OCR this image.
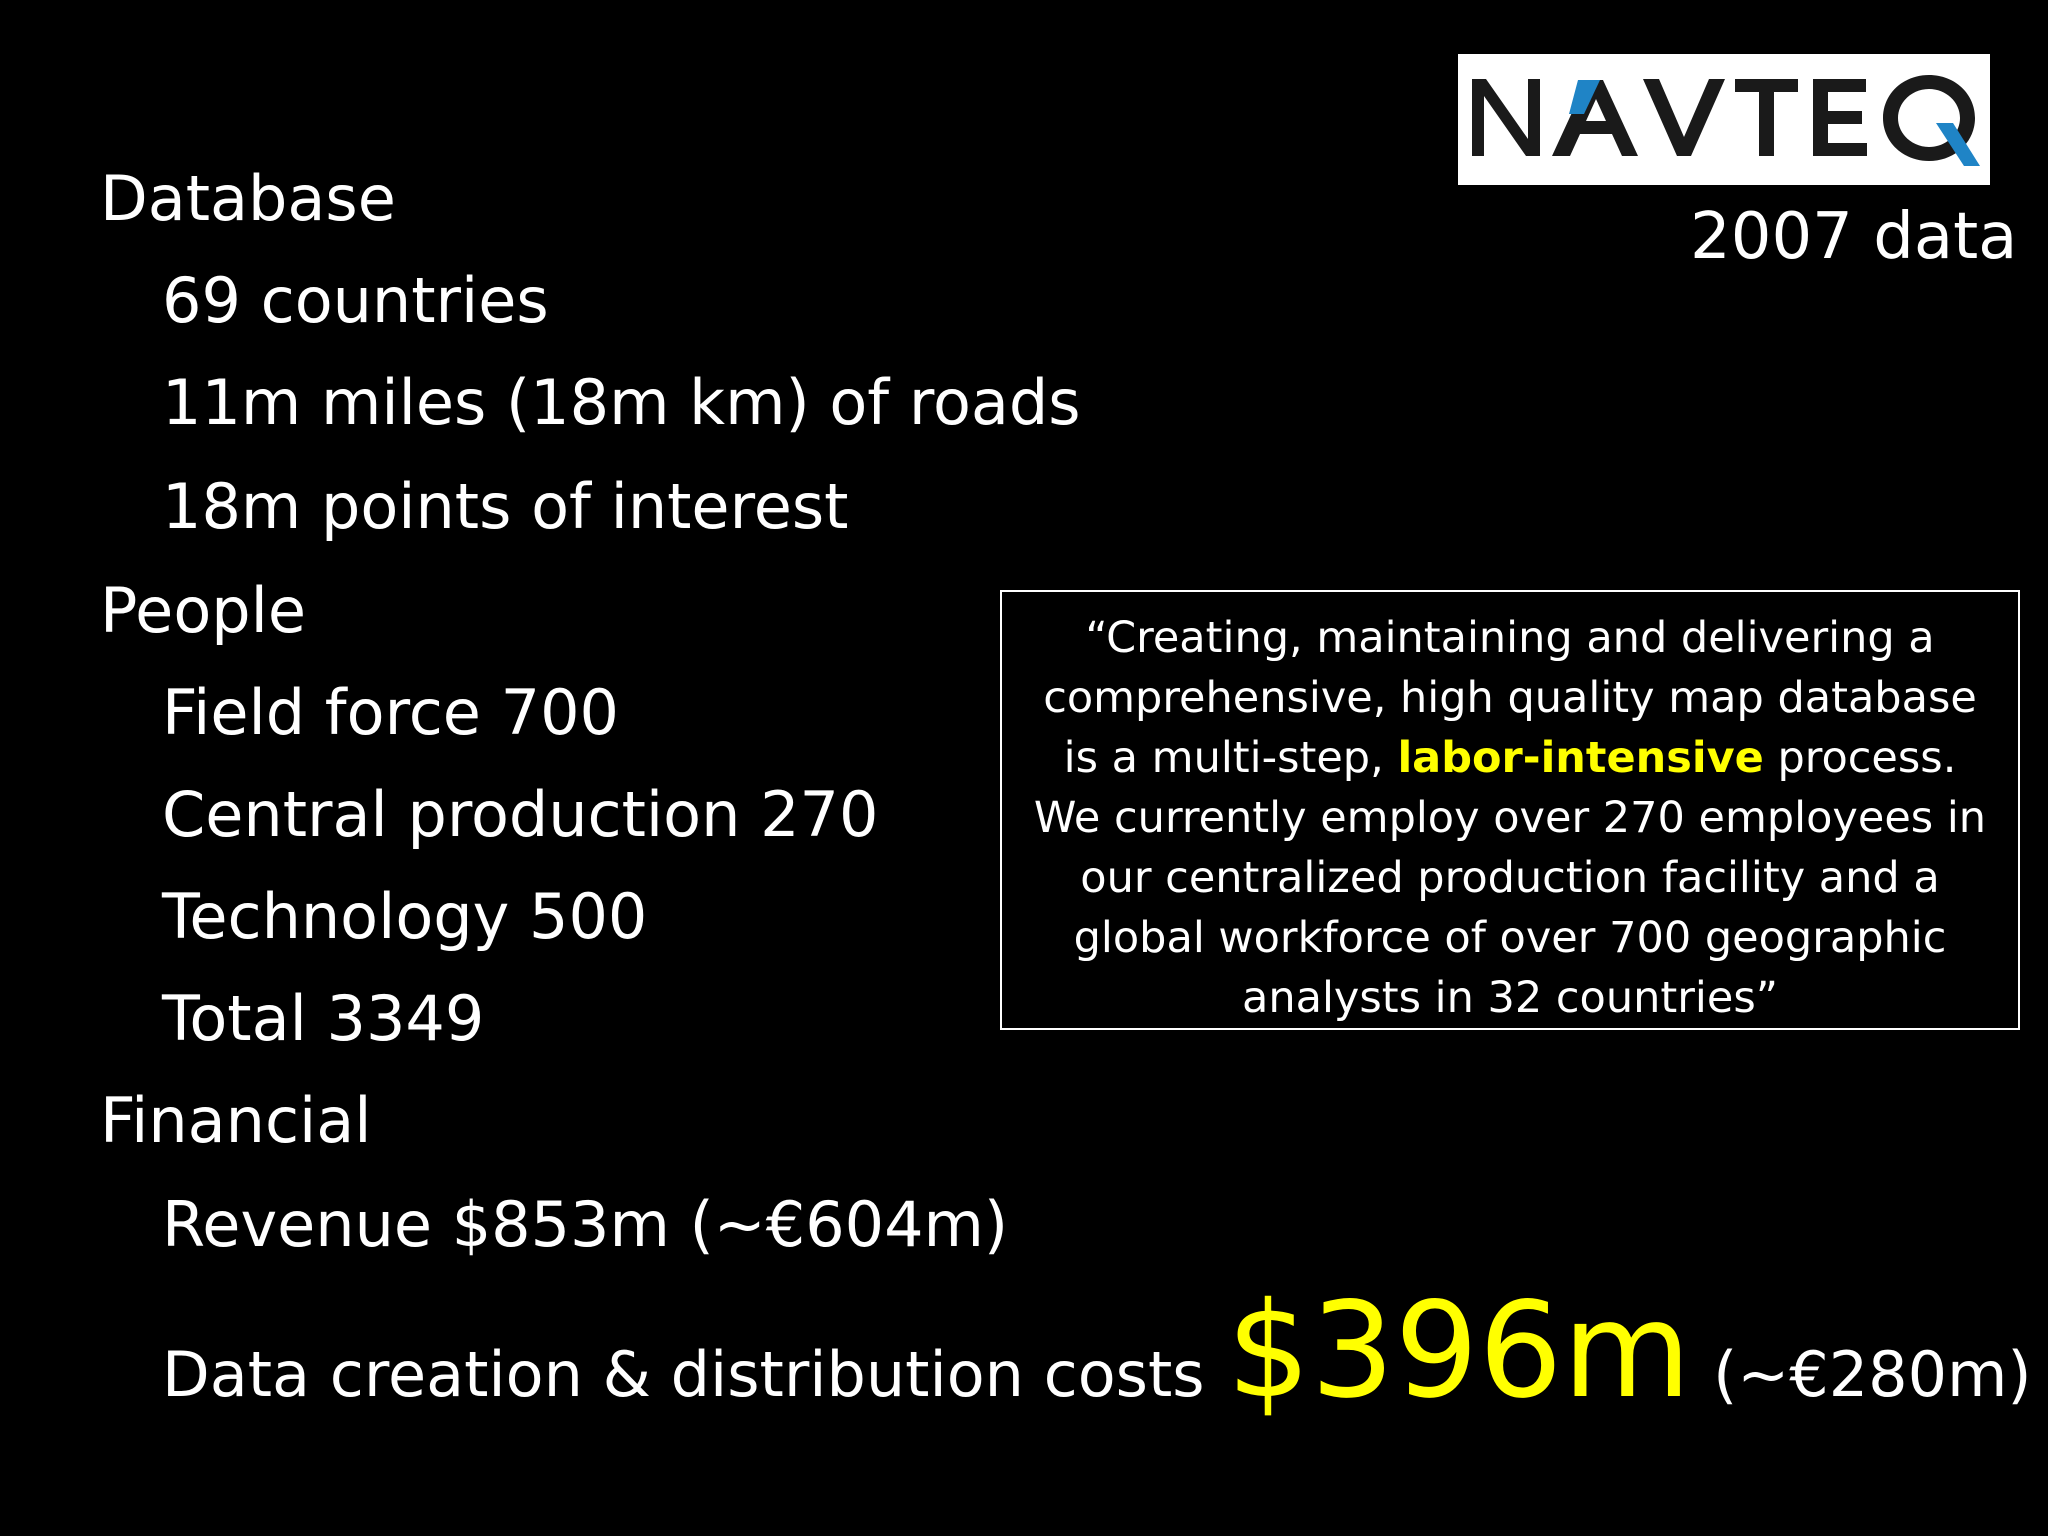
2007 data
Database
69 countries
11m miles (18m km) of roads
18m points of interest
People
Field force 700
Central production 270
Technology 500
Total 3349
Financial
Revenue $853m (~€604m)
Data creation & distribution costs $396m (~€280m)
“Creating, maintaining and delivering a comprehensive, high quality map database is a multi-step, labor-intensive process. We currently employ over 270 employees in our centralized production facility and a global workforce of over 700 geographic analysts in 32 countries”
